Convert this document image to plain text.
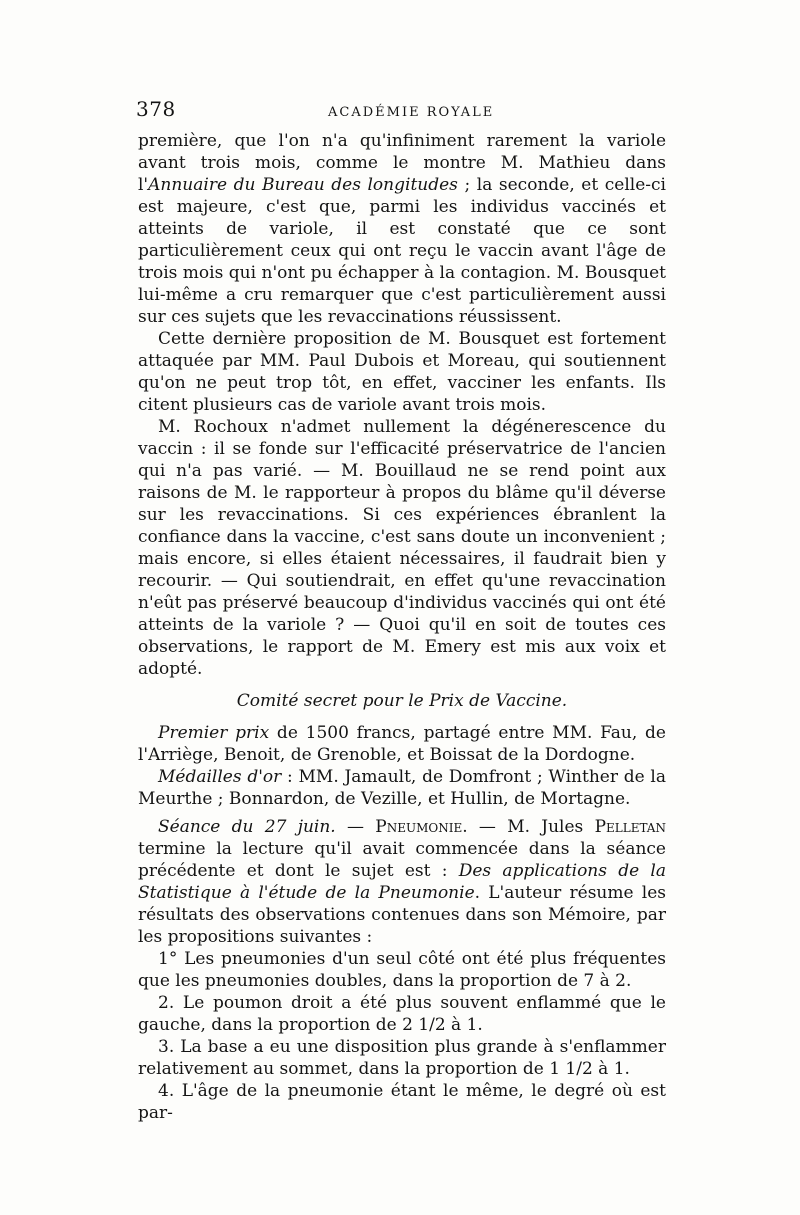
378	ACADÉMIE ROYALE

première, que l'on n'a qu'infiniment rarement la variole avant trois mois, comme le montre M. Mathieu dans l'Annuaire du Bureau des longitudes ; la seconde, et celle-ci est majeure, c'est que, parmi les individus vaccinés et atteints de variole, il est constaté que ce sont particulièrement ceux qui ont reçu le vaccin avant l'âge de trois mois qui n'ont pu échapper à la contagion. M. Bousquet lui-même a cru remarquer que c'est particulièrement aussi sur ces sujets que les revaccinations réussissent.

Cette dernière proposition de M. Bousquet est fortement attaquée par MM. Paul Dubois et Moreau, qui soutiennent qu'on ne peut trop tôt, en effet, vacciner les enfants. Ils citent plusieurs cas de variole avant trois mois.

M. Rochoux n'admet nullement la dégénerescence du vaccin : il se fonde sur l'efficacité préservatrice de l'ancien qui n'a pas varié. — M. Bouillaud ne se rend point aux raisons de M. le rapporteur à propos du blâme qu'il déverse sur les revaccinations. Si ces expériences ébranlent la confiance dans la vaccine, c'est sans doute un inconvenient ; mais encore, si elles étaient nécessaires, il faudrait bien y recourir. — Qui soutiendrait, en effet qu'une revaccination n'eût pas préservé beaucoup d'individus vaccinés qui ont été atteints de la variole ? — Quoi qu'il en soit de toutes ces observations, le rapport de M. Emery est mis aux voix et adopté.

Comité secret pour le Prix de Vaccine.

Premier prix de 1500 francs, partagé entre MM. Fau, de l'Arriège, Benoit, de Grenoble, et Boissat de la Dordogne.

Médailles d'or : MM. Jamault, de Domfront ; Winther de la Meurthe ; Bonnardon, de Vezille, et Hullin, de Mortagne.

Séance du 27 juin. — Pneumonie. — M. Jules Pelletan termine la lecture qu'il avait commencée dans la séance précédente et dont le sujet est : Des applications de la Statistique à l'étude de la Pneumonie. L'auteur résume les résultats des observations contenues dans son Mémoire, par les propositions suivantes :

1° Les pneumonies d'un seul côté ont été plus fréquentes que les pneumonies doubles, dans la proportion de 7 à 2.

2. Le poumon droit a été plus souvent enflammé que le gauche, dans la proportion de 2 1/2 à 1.

3. La base a eu une disposition plus grande à s'enflammer relativement au sommet, dans la proportion de 1 1/2 à 1.

4. L'âge de la pneumonie étant le même, le degré où est par-
